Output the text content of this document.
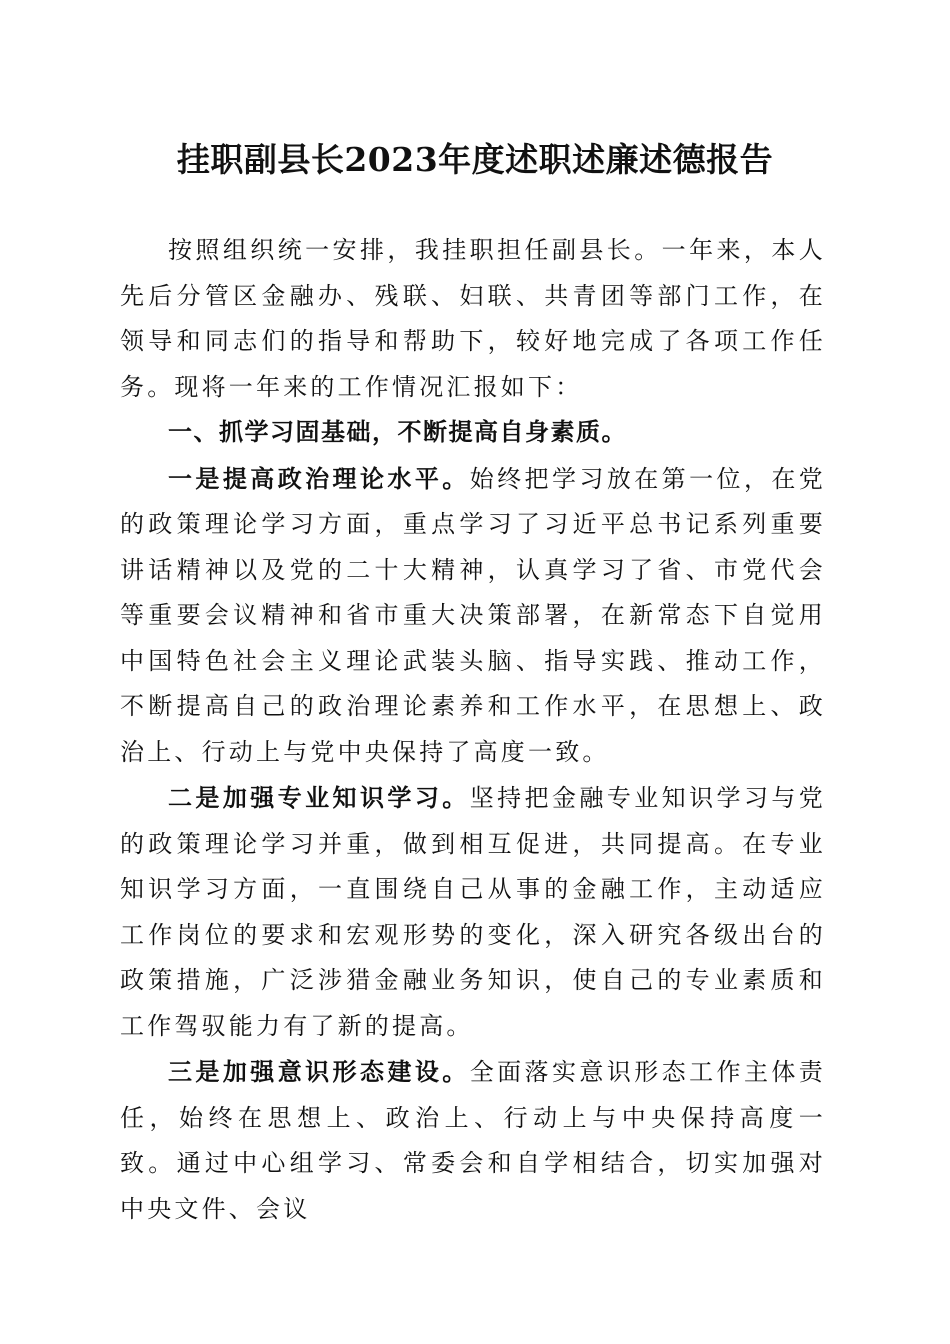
挂职副县长2023年度述职述廉述德报告

按照组织统一安排，我挂职担任副县长。一年来，本人先后分管区金融办、残联、妇联、共青团等部门工作，在领导和同志们的指导和帮助下，较好地完成了各项工作任务。现将一年来的工作情况汇报如下：

一、抓学习固基础，不断提高自身素质。

一是提高政治理论水平。始终把学习放在第一位，在党的政策理论学习方面，重点学习了习近平总书记系列重要讲话精神以及党的二十大精神，认真学习了省、市党代会等重要会议精神和省市重大决策部署，在新常态下自觉用中国特色社会主义理论武装头脑、指导实践、推动工作，不断提高自己的政治理论素养和工作水平，在思想上、政治上、行动上与党中央保持了高度一致。

二是加强专业知识学习。坚持把金融专业知识学习与党的政策理论学习并重，做到相互促进，共同提高。在专业知识学习方面，一直围绕自己从事的金融工作，主动适应工作岗位的要求和宏观形势的变化，深入研究各级出台的政策措施，广泛涉猎金融业务知识，使自己的专业素质和工作驾驭能力有了新的提高。

三是加强意识形态建设。全面落实意识形态工作主体责任，始终在思想上、政治上、行动上与中央保持高度一致。通过中心组学习、常委会和自学相结合，切实加强对中央文件、会议
